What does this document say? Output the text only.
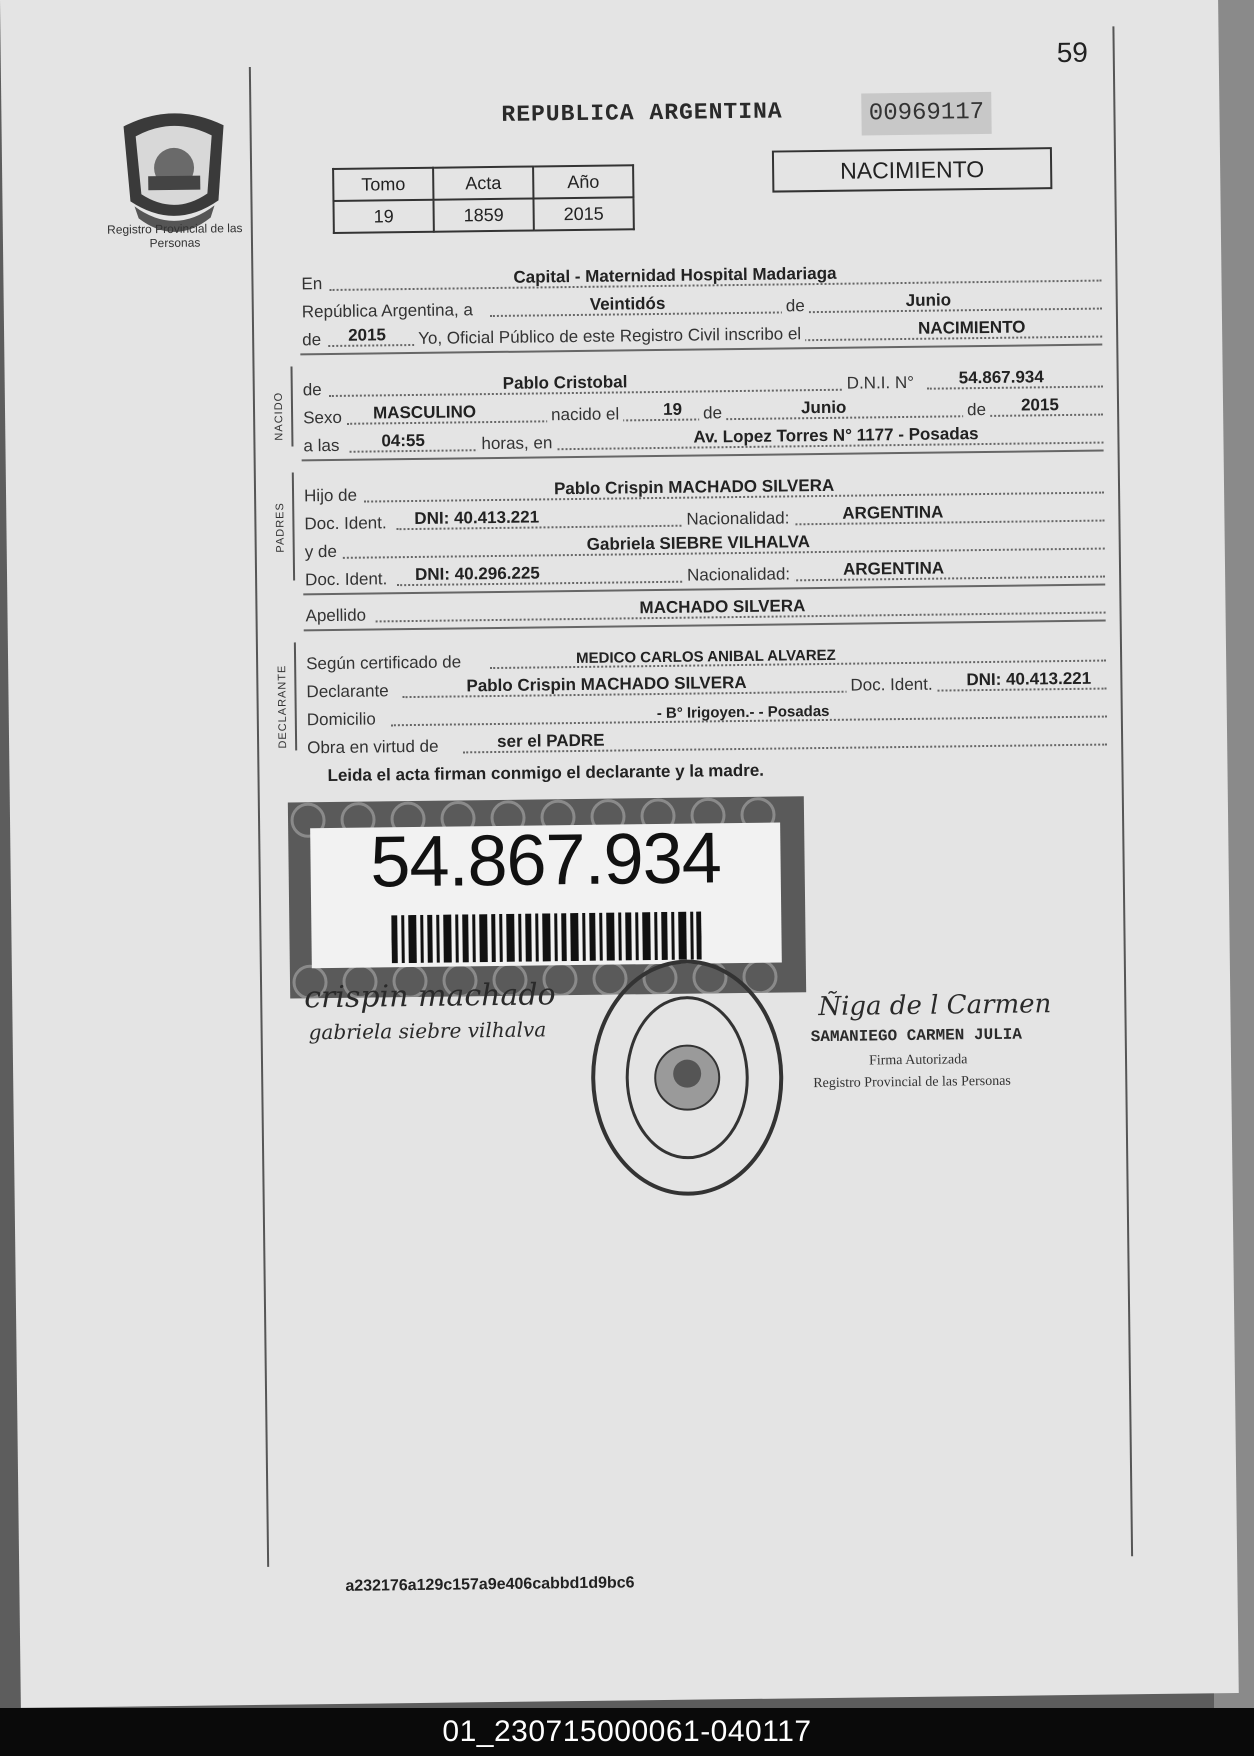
Registro Provincial de las Personas
REPUBLICA ARGENTINA	00969117
59
NACIMIENTO
Tomo	Acta	Año
19	1859	2015
En	Capital - Maternidad Hospital Madariaga
República Argentina, a	Veintidós	de	Junio
de 2015 Yo, Oficial Público de este Registro Civil inscribo el	NACIMIENTO
NACIDO
de	Pablo Cristobal	D.N.I. N°	54.867.934
Sexo MASCULINO	nacido el	19 de	Junio	de 2015
a las 04:55	horas, en	Av. Lopez Torres N° 1177 - Posadas
PADRES
Hijo de	Pablo Crispin MACHADO SILVERA
Doc. Ident. DNI: 40.413.221	Nacionalidad:	ARGENTINA
y de	Gabriela SIEBRE VILHALVA
Doc. Ident. DNI: 40.296.225	Nacionalidad:	ARGENTINA
Apellido	MACHADO SILVERA
DECLARANTE
Según certificado de	MEDICO CARLOS ANIBAL ALVAREZ
Declarante	Pablo Crispin MACHADO SILVERA	Doc. Ident. DNI: 40.413.221
Domicilio	- B° Irigoyen.- - Posadas
Obra en virtud de	ser el PADRE
Leida el acta firman conmigo el declarante y la madre.
54.867.934
crispin machado
gabriela siebre vilhalva
Ñiga de l Carmen
SAMANIEGO CARMEN JULIA
Firma Autorizada
Registro Provincial de las Personas
a232176a129c157a9e406cabbd1d9bc6
01_230715000061-040117
